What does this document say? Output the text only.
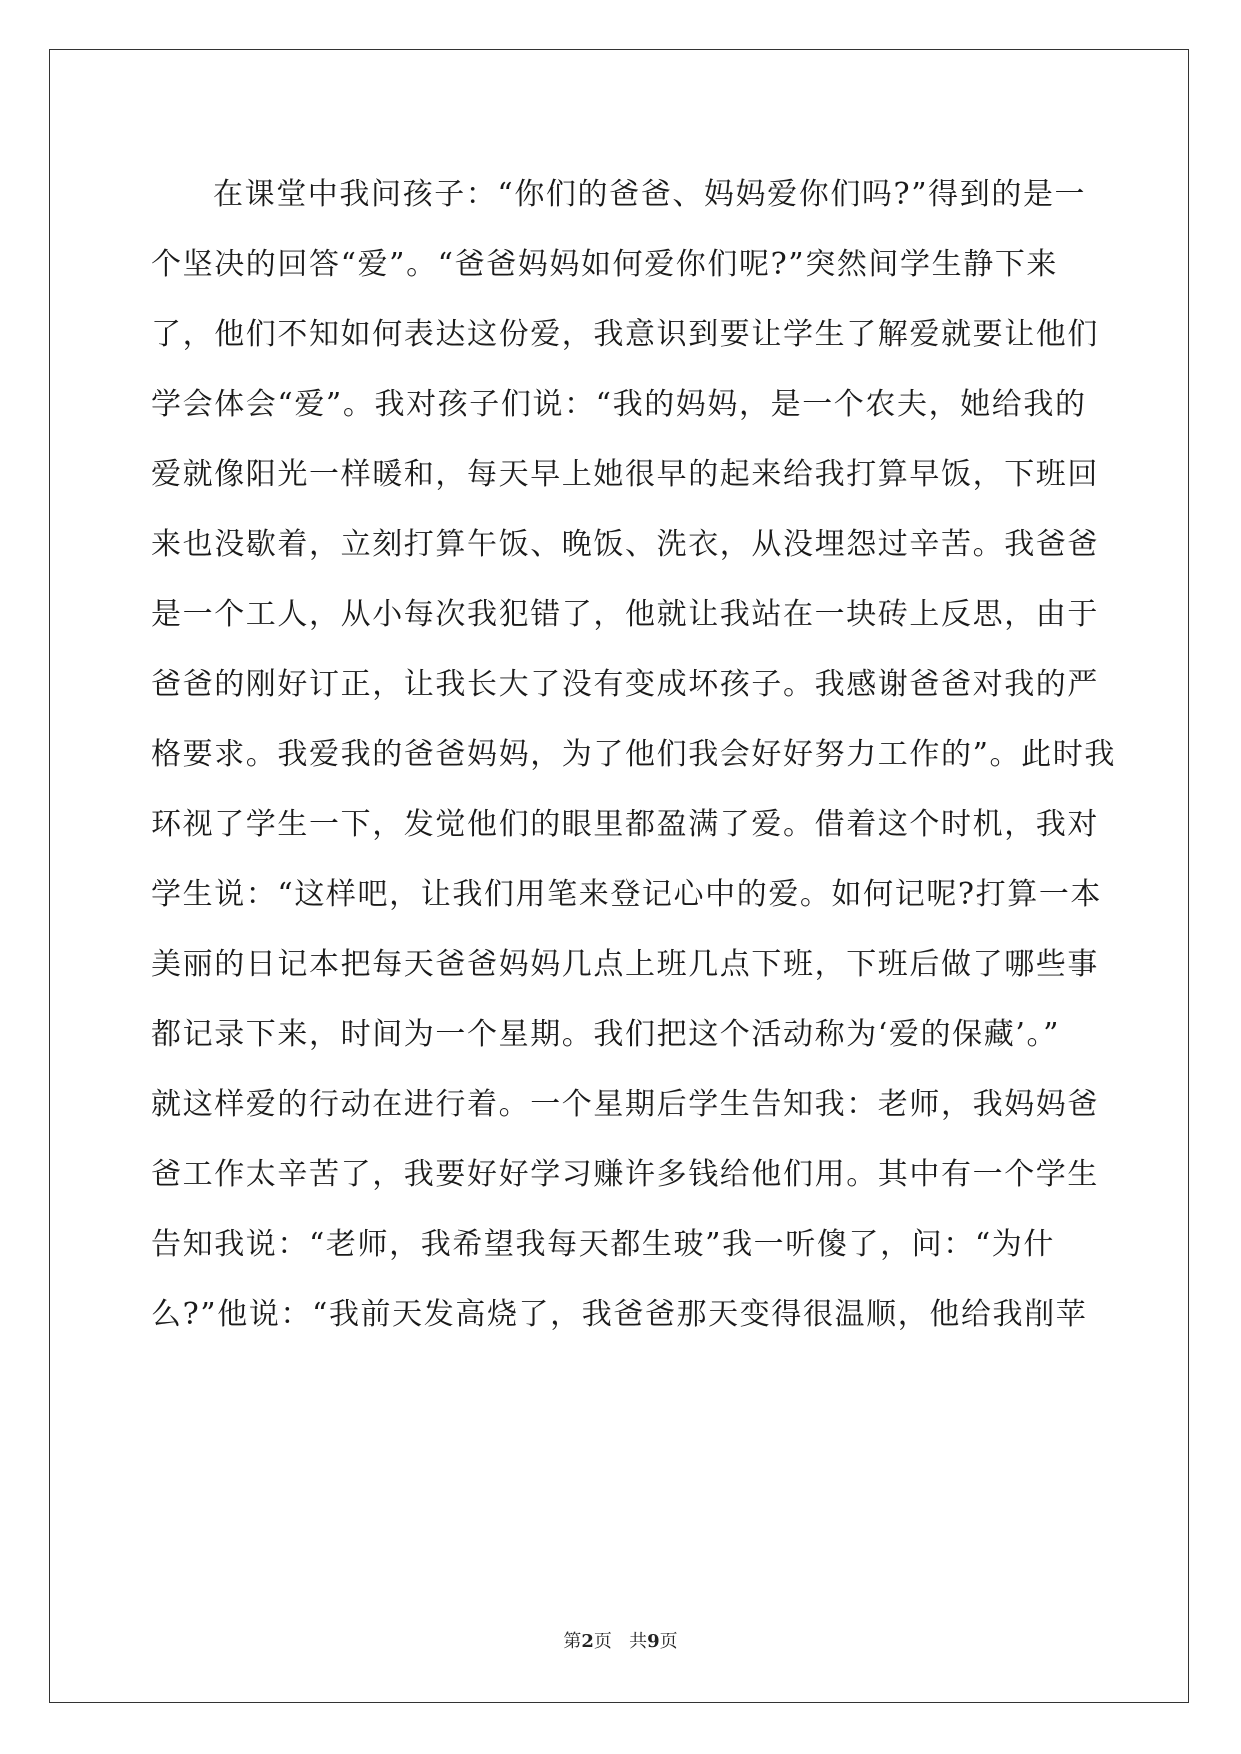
在课堂中我问孩子：“你们的爸爸、妈妈爱你们吗?”得到的是一

个坚决的回答“爱”。“爸爸妈妈如何爱你们呢?”突然间学生静下来

了，他们不知如何表达这份爱，我意识到要让学生了解爱就要让他们

学会体会“爱”。我对孩子们说：“我的妈妈，是一个农夫，她给我的

爱就像阳光一样暖和，每天早上她很早的起来给我打算早饭，下班回

来也没歇着，立刻打算午饭、晚饭、洗衣，从没埋怨过辛苦。我爸爸

是一个工人，从小每次我犯错了，他就让我站在一块砖上反思，由于

爸爸的刚好订正，让我长大了没有变成坏孩子。我感谢爸爸对我的严

格要求。我爱我的爸爸妈妈，为了他们我会好好努力工作的”。此时我

环视了学生一下，发觉他们的眼里都盈满了爱。借着这个时机，我对

学生说：“这样吧，让我们用笔来登记心中的爱。如何记呢?打算一本

美丽的日记本把每天爸爸妈妈几点上班几点下班，下班后做了哪些事

都记录下来，时间为一个星期。我们把这个活动称为‘爱的保藏’。”

就这样爱的行动在进行着。一个星期后学生告知我：老师，我妈妈爸

爸工作太辛苦了，我要好好学习赚许多钱给他们用。其中有一个学生

告知我说：“老师，我希望我每天都生玻”我一听傻了，问：“为什

么?”他说：“我前天发高烧了，我爸爸那天变得很温顺，他给我削苹

第2页 共9页
